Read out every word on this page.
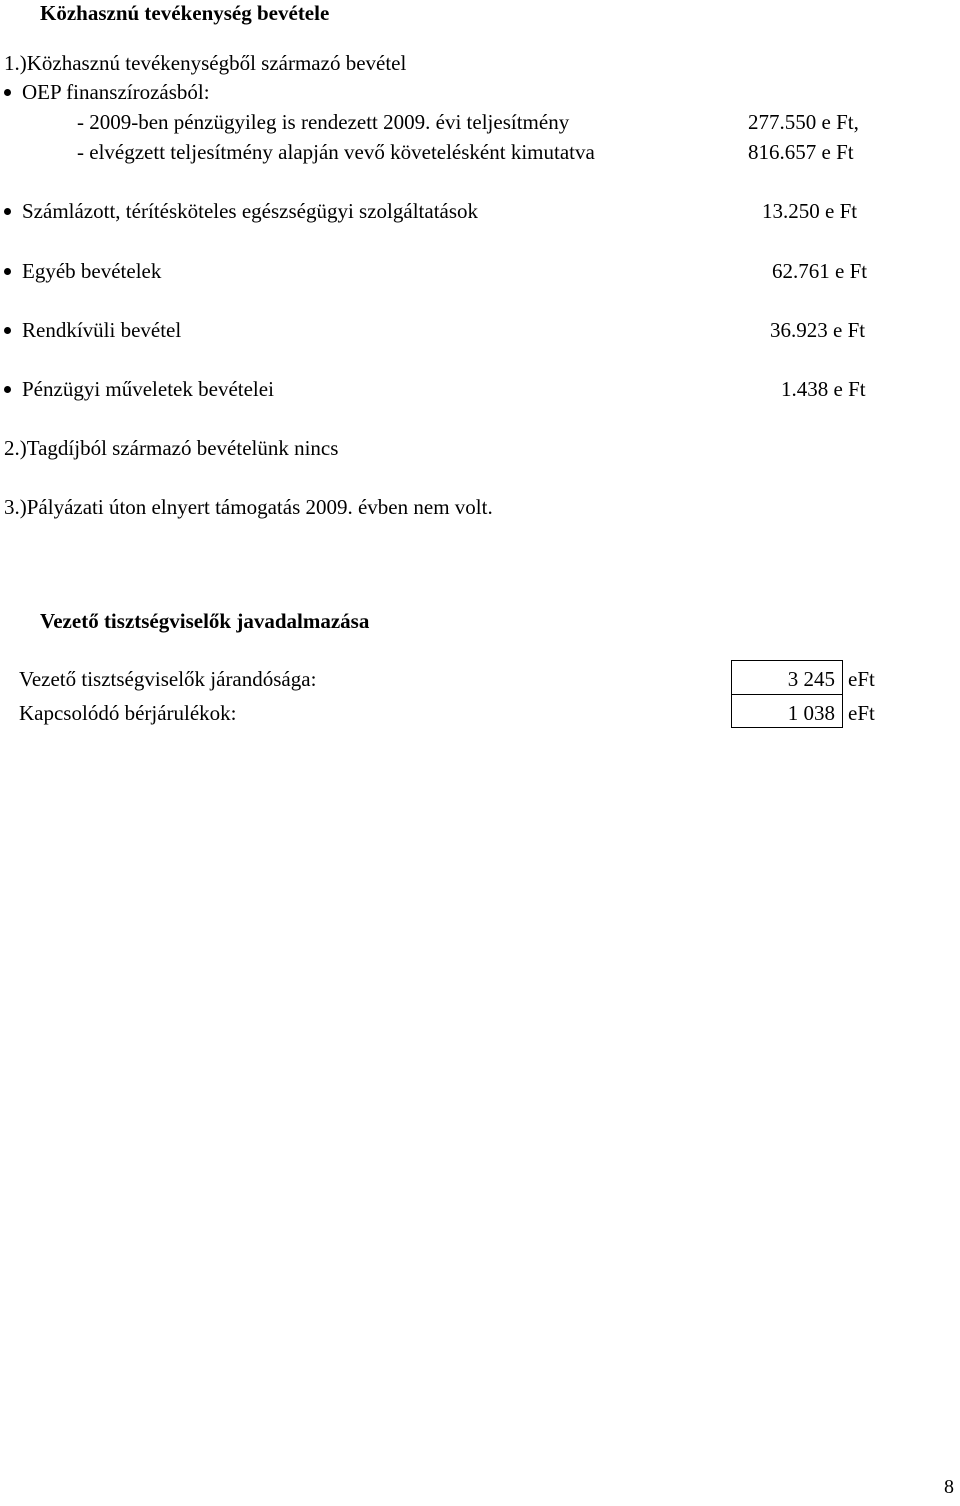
Közhasznú tevékenység bevétele
1.)Közhasznú tevékenységből származó bevétel
OEP finanszírozásból:
- 2009-ben pénzügyileg is rendezett 2009. évi teljesítmény	277.550 e Ft,
- elvégzett teljesítmény alapján vevő követelésként kimutatva	816.657 e Ft
Számlázott, térítésköteles egészségügyi szolgáltatások	13.250 e Ft
Egyéb bevételek	62.761 e Ft
Rendkívüli bevétel	36.923 e Ft
Pénzügyi műveletek bevételei	1.438 e Ft
2.)Tagdíjból származó bevételünk nincs
3.)Pályázati úton elnyert támogatás 2009. évben nem volt.
Vezető tisztségviselők javadalmazása
Vezető tisztségviselők járandósága:	3 245 eFt
Kapcsolódó bérjárulékok:	1 038 eFt
8
